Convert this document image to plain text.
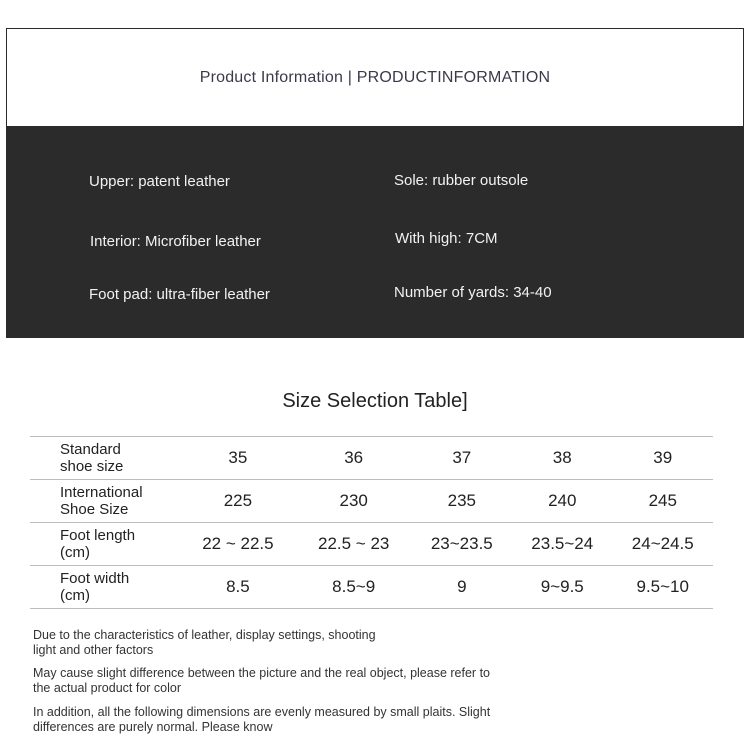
Product Information | PRODUCTINFORMATION
Upper: patent leather	Sole: rubber outsole
Interior: Microfiber leather	With high: 7CM
Foot pad: ultra-fiber leather	Number of yards: 34-40
Size Selection Table]
Standard
shoe size	35	36	37	38	39
International
Shoe Size	225	230	235	240	245
Foot length
(cm)	22 ~ 22.5	22.5 ~ 23	23~23.5	23.5~24	24~24.5
Foot width
(cm)	8.5	8.5~9	9	9~9.5	9.5~10
Due to the characteristics of leather, display settings, shooting
light and other factors
May cause slight difference between the picture and the real object, please refer to
the actual product for color
In addition, all the following dimensions are evenly measured by small plaits. Slight
differences are purely normal. Please know
